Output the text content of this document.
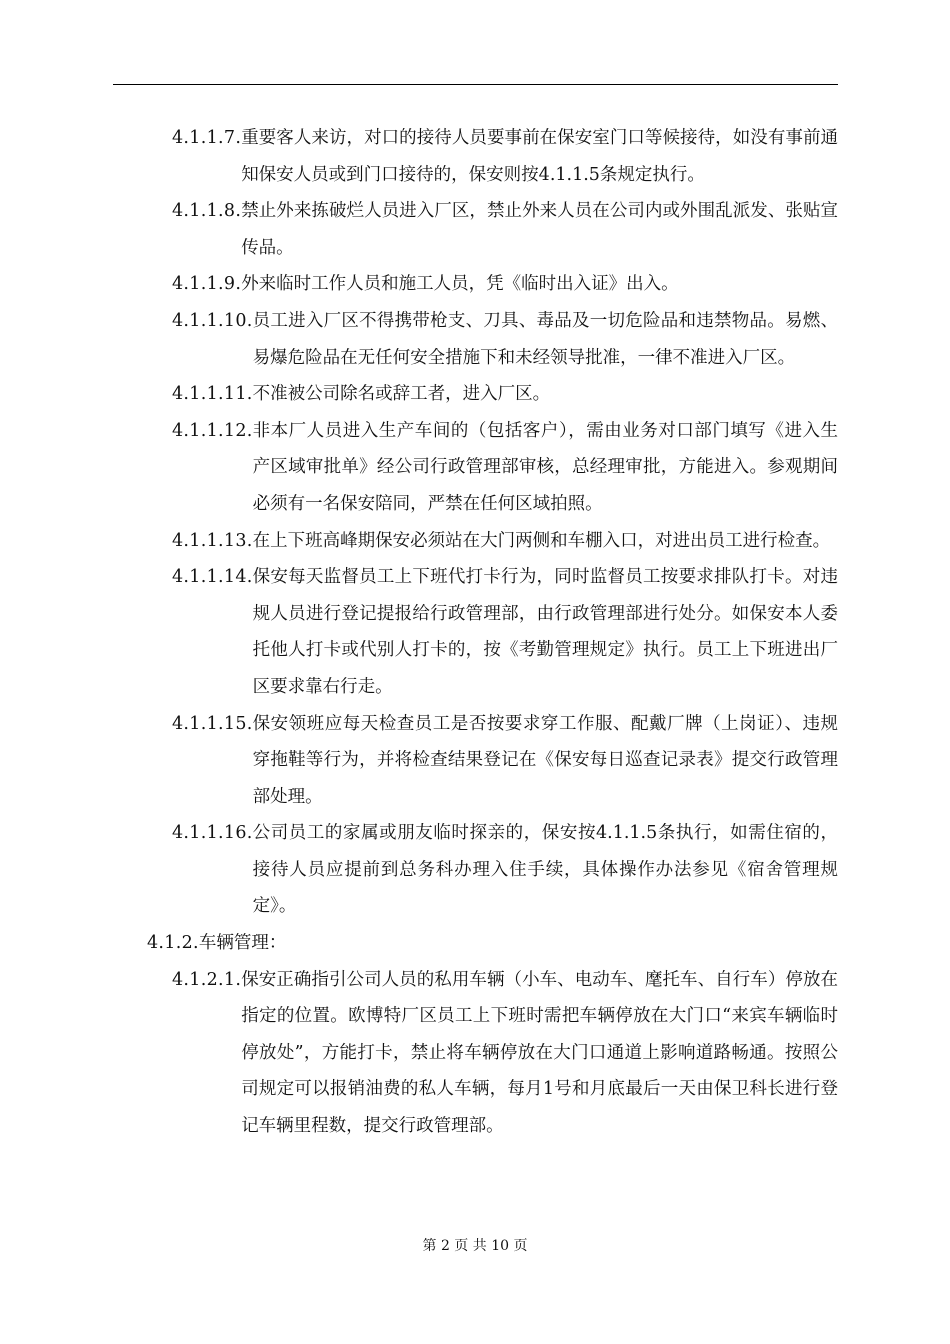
4.1.1.7. 重要客人来访，对口的接待人员要事前在保安室门口等候接待，如没有事前通知保安人员或到门口接待的，保安则按4.1.1.5条规定执行。
4.1.1.8. 禁止外来拣破烂人员进入厂区，禁止外来人员在公司内或外围乱派发、张贴宣传品。
4.1.1.9. 外来临时工作人员和施工人员，凭《临时出入证》出入。
4.1.1.10. 员工进入厂区不得携带枪支、刀具、毒品及一切危险品和违禁物品。易燃、易爆危险品在无任何安全措施下和未经领导批准，一律不准进入厂区。
4.1.1.11. 不准被公司除名或辞工者，进入厂区。
4.1.1.12. 非本厂人员进入生产车间的（包括客户），需由业务对口部门填写《进入生产区域审批单》经公司行政管理部审核，总经理审批，方能进入。参观期间必须有一名保安陪同，严禁在任何区域拍照。
4.1.1.13. 在上下班高峰期保安必须站在大门两侧和车棚入口，对进出员工进行检查。
4.1.1.14. 保安每天监督员工上下班代打卡行为，同时监督员工按要求排队打卡。对违规人员进行登记提报给行政管理部，由行政管理部进行处分。如保安本人委托他人打卡或代别人打卡的，按《考勤管理规定》执行。员工上下班进出厂区要求靠右行走。
4.1.1.15. 保安领班应每天检查员工是否按要求穿工作服、配戴厂牌（上岗证）、违规穿拖鞋等行为，并将检查结果登记在《保安每日巡查记录表》提交行政管理部处理。
4.1.1.16. 公司员工的家属或朋友临时探亲的，保安按4.1.1.5条执行，如需住宿的，接待人员应提前到总务科办理入住手续，具体操作办法参见《宿舍管理规定》。
4.1.2. 车辆管理：
4.1.2.1. 保安正确指引公司人员的私用车辆（小车、电动车、麾托车、自行车）停放在指定的位置。欧博特厂区员工上下班时需把车辆停放在大门口“来宾车辆临时停放处”，方能打卡，禁止将车辆停放在大门口通道上影响道路畅通。按照公司规定可以报销油费的私人车辆，每月1号和月底最后一天由保卫科长进行登记车辆里程数，提交行政管理部。
第 2 页 共 10 页
